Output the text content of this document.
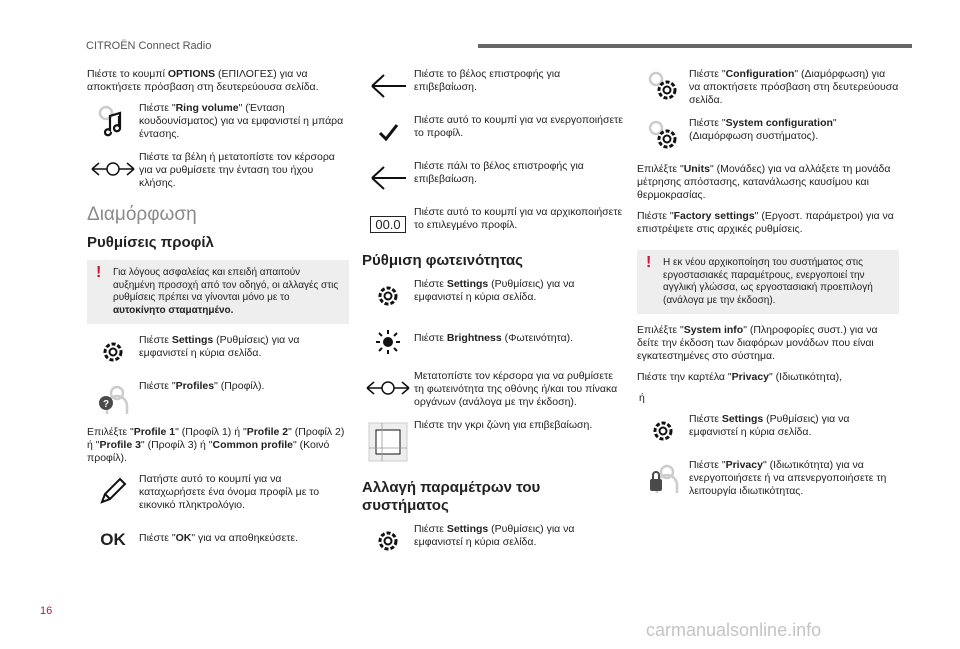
CITROËN Connect Radio

Πιέστε το κουμπί OPTIONS (ΕΠΙΛΟΓΕΣ) για να αποκτήσετε πρόσβαση στη δευτερεύουσα σελίδα.

Πιέστε "Ring volume" (Ένταση κουδουνίσματος) για να εμφανιστεί η μπάρα έντασης.
Πιέστε τα βέλη ή μετατοπίστε τον κέρσορα για να ρυθμίσετε την ένταση του ήχου κλήσης.
Διαμόρφωση
Ρυθμίσεις προφίλ
! Για λόγους ασφαλείας και επειδή απαιτούν αυξημένη προσοχή από τον οδηγό, οι αλλαγές στις ρυθμίσεις πρέπει να γίνονται μόνο με το αυτοκίνητο σταματημένο.
Πιέστε Settings (Ρυθμίσεις) για να εμφανιστεί η κύρια σελίδα.
?
Πιέστε "Profiles" (Προφίλ).

Επιλέξτε "Profile 1" (Προφίλ 1) ή "Profile 2" (Προφίλ 2) ή "Profile 3" (Προφίλ 3) ή "Common profile" (Κοινό προφίλ).

Πατήστε αυτό το κουμπί για να καταχωρήσετε ένα όνομα προφίλ με το εικονικό πληκτρολόγιο.
OK Πιέστε "OK" για να αποθηκεύσετε.
Πιέστε το βέλος επιστροφής για επιβεβαίωση.
Πιέστε αυτό το κουμπί για να ενεργοποιήσετε το προφίλ.
Πιέστε πάλι το βέλος επιστροφής για επιβεβαίωση.
00.0
Πιέστε αυτό το κουμπί για να αρχικοποιήσετε το επιλεγμένο προφίλ.
Ρύθμιση φωτεινότητας
Πιέστε Settings (Ρυθμίσεις) για να εμφανιστεί η κύρια σελίδα.
Πιέστε Brightness (Φωτεινότητα).
Μετατοπίστε τον κέρσορα για να ρυθμίσετε τη φωτεινότητα της οθόνης ή/και του πίνακα οργάνων (ανάλογα με την έκδοση).
Πιέστε την γκρι ζώνη για επιβεβαίωση.
Αλλαγή παραμέτρων του συστήματος
Πιέστε Settings (Ρυθμίσεις) για να εμφανιστεί η κύρια σελίδα.
Πιέστε "Configuration" (Διαμόρφωση) για να αποκτήσετε πρόσβαση στη δευτερεύουσα σελίδα.
Πιέστε "System configuration" (Διαμόρφωση συστήματος).

Επιλέξτε "Units" (Μονάδες) για να αλλάξετε τη μονάδα μέτρησης απόστασης, κατανάλωσης καυσίμου και θερμοκρασίας.

Πιέστε "Factory settings" (Εργοστ. παράμετροι) για να επιστρέψετε στις αρχικές ρυθμίσεις.

! Η εκ νέου αρχικοποίηση του συστήματος στις εργοστασιακές παραμέτρους, ενεργοποιεί την αγγλική γλώσσα, ως εργοστασιακή προεπιλογή (ανάλογα με την έκδοση).

Επιλέξτε "System info" (Πληροφορίες συστ.) για να δείτε την έκδοση των διαφόρων μονάδων που είναι εγκατεστημένες στο σύστημα.

Πιέστε την καρτέλα "Privacy" (Ιδιωτικότητα),

ή

Πιέστε Settings (Ρυθμίσεις) για να εμφανιστεί η κύρια σελίδα.
Πιέστε "Privacy" (Ιδιωτικότητα) για να ενεργοποιήσετε ή να απενεργοποιήσετε τη λειτουργία ιδιωτικότητας.
16
carmanualsonline.info
